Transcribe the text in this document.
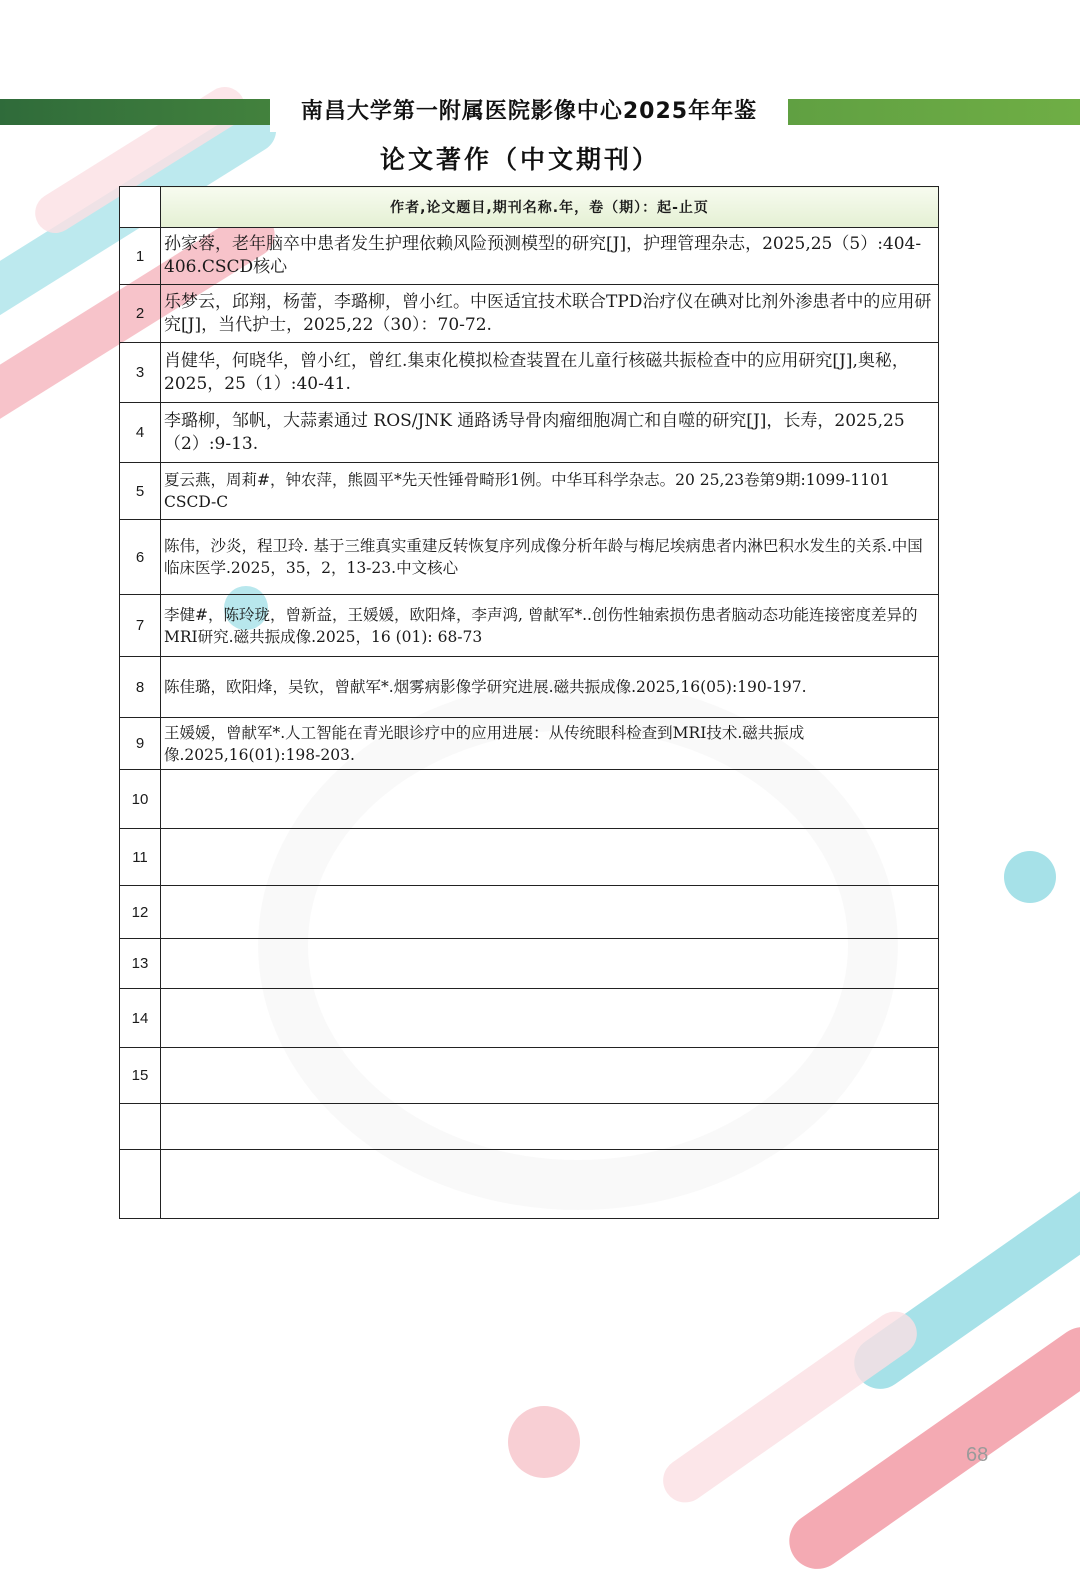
南昌大学第一附属医院影像中心2025年年鉴
论文著作（中文期刊）
	作者,论文题目,期刊名称.年，卷（期）：起-止页
1	孙家蓉，老年脑卒中患者发生护理依赖风险预测模型的研究[J]，护理管理杂志，2025,25（5）:404-406.CSCD核心
2	乐梦云，邱翔，杨蕾，李璐柳，曾小红。中医适宜技术联合TPD治疗仪在碘对比剂外渗患者中的应用研究[J]，当代护士，2025,22（30）：70-72.
3	肖健华，何晓华，曾小红，曾红.集束化模拟检查装置在儿童行核磁共振检查中的应用研究[J],奥秘，2025，25（1）:40-41.
4	李璐柳，邹帆，大蒜素通过 ROS/JNK 通路诱导骨肉瘤细胞凋亡和自噬的研究[J]，长寿，2025,25（2）:9-13.
5	夏云燕，周莉#，钟农萍，熊圆平*先天性锤骨畸形1例。中华耳科学杂志。20 25,23卷第9期:1099-1101 CSCD-C
6	陈伟，沙炎，程卫玲. 基于三维真实重建反转恢复序列成像分析年龄与梅尼埃病患者内淋巴积水发生的关系.中国临床医学.2025，35，2，13-23.中文核心
7	李健#，陈玲珑，曾新益，王媛媛，欧阳烽，李声鸿, 曾献军*..创伤性轴索损伤患者脑动态功能连接密度差异的MRI研究.磁共振成像.2025，16 (01): 68-73
8	陈佳璐，欧阳烽，吴钦，曾献军*.烟雾病影像学研究进展.磁共振成像.2025,16(05):190-197.
9	王媛媛，曾献军*.人工智能在青光眼诊疗中的应用进展：从传统眼科检查到MRI技术.磁共振成像.2025,16(01):198-203.
10	
11	
12	
13	
14	
15	

68
